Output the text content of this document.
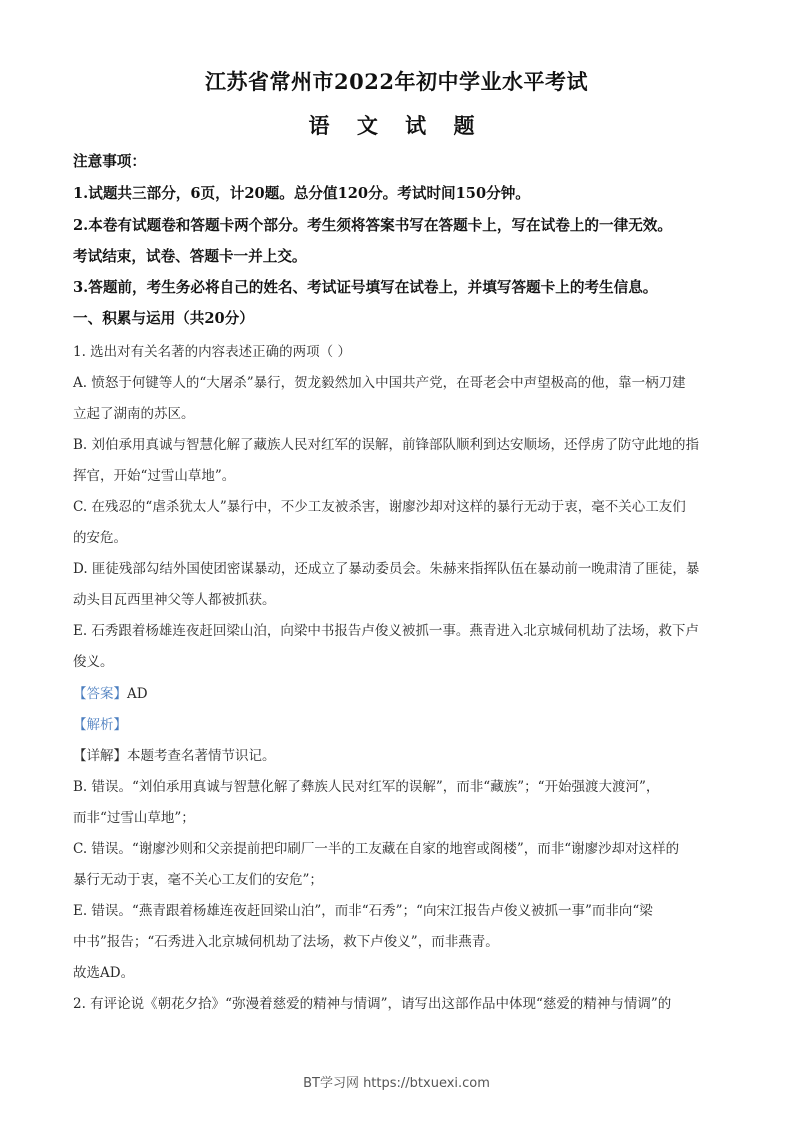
江苏省常州市2022年初中学业水平考试
语 文 试 题
注意事项：
1.试题共三部分，6页，计20题。总分值120分。考试时间150分钟。
2.本卷有试题卷和答题卡两个部分。考生须将答案书写在答题卡上，写在试卷上的一律无效。
考试结束，试卷、答题卡一并上交。
3.答题前，考生务必将自己的姓名、考试证号填写在试卷上，并填写答题卡上的考生信息。
一、积累与运用（共20分）
1. 选出对有关名著的内容表述正确的两项（ ）
A. 愤怒于何键等人的“大屠杀”暴行，贺龙毅然加入中国共产党，在哥老会中声望极高的他，靠一柄刀建
立起了湖南的苏区。
B. 刘伯承用真诚与智慧化解了藏族人民对红军的误解，前锋部队顺利到达安顺场，还俘虏了防守此地的指
挥官，开始“过雪山草地”。
C. 在残忍的“虐杀犹太人”暴行中，不少工友被杀害，谢廖沙却对这样的暴行无动于衷，毫不关心工友们
的安危。
D. 匪徒残部勾结外国使团密谋暴动，还成立了暴动委员会。朱赫来指挥队伍在暴动前一晚肃清了匪徒，暴
动头目瓦西里神父等人都被抓获。
E. 石秀跟着杨雄连夜赶回梁山泊，向梁中书报告卢俊义被抓一事。燕青进入北京城伺机劫了法场，救下卢
俊义。
【答案】AD
【解析】
【详解】本题考查名著情节识记。
B. 错误。“刘伯承用真诚与智慧化解了彝族人民对红军的误解”，而非“藏族”；“开始强渡大渡河”，
而非“过雪山草地”；
C. 错误。“谢廖沙则和父亲提前把印刷厂一半的工友藏在自家的地窖或阁楼”，而非“谢廖沙却对这样的
暴行无动于衷，毫不关心工友们的安危”；
E. 错误。“燕青跟着杨雄连夜赶回梁山泊”，而非“石秀”；“向宋江报告卢俊义被抓一事”而非向“梁
中书”报告；“石秀进入北京城伺机劫了法场，救下卢俊义”，而非燕青。
故选AD。
2. 有评论说《朝花夕拾》“弥漫着慈爱的精神与情调”，请写出这部作品中体现“慈爱的精神与情调”的
BT学习网 https://btxuexi.com
